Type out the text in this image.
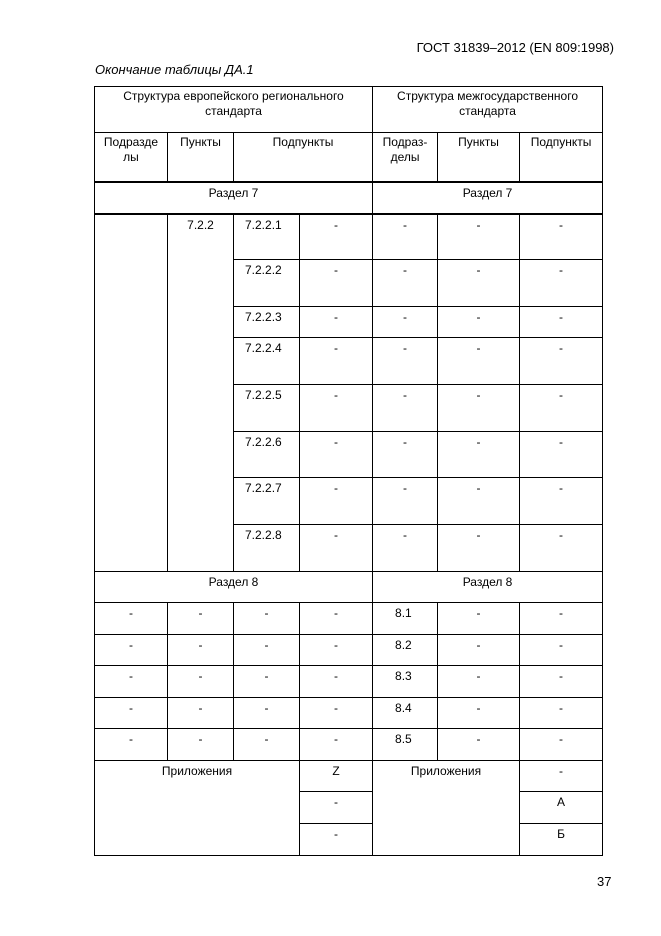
ГОСТ 31839–2012 (EN 809:1998)
Окончание таблицы ДА.1
Структура европейского регионального стандарта				Структура межгосударственного стандарта		
Подразде лы	Пункты	Подпункты		Подраз- делы	Пункты	Подпункты
Раздел 7				Раздел 7		
	7.2.2	7.2.2.1	-	-	-	-
		7.2.2.2	-	-	-	-
		7.2.2.3	-	-	-	-
		7.2.2.4	-	-	-	-
		7.2.2.5	-	-	-	-
		7.2.2.6	-	-	-	-
		7.2.2.7	-	-	-	-
		7.2.2.8	-	-	-	-
Раздел 8				Раздел 8		
-	-	-	-	8.1	-	-
-	-	-	-	8.2	-	-
-	-	-	-	8.3	-	-
-	-	-	-	8.4	-	-
-	-	-	-	8.5	-	-
Приложения			Z	Приложения		-
			-			А
			-			Б
37
